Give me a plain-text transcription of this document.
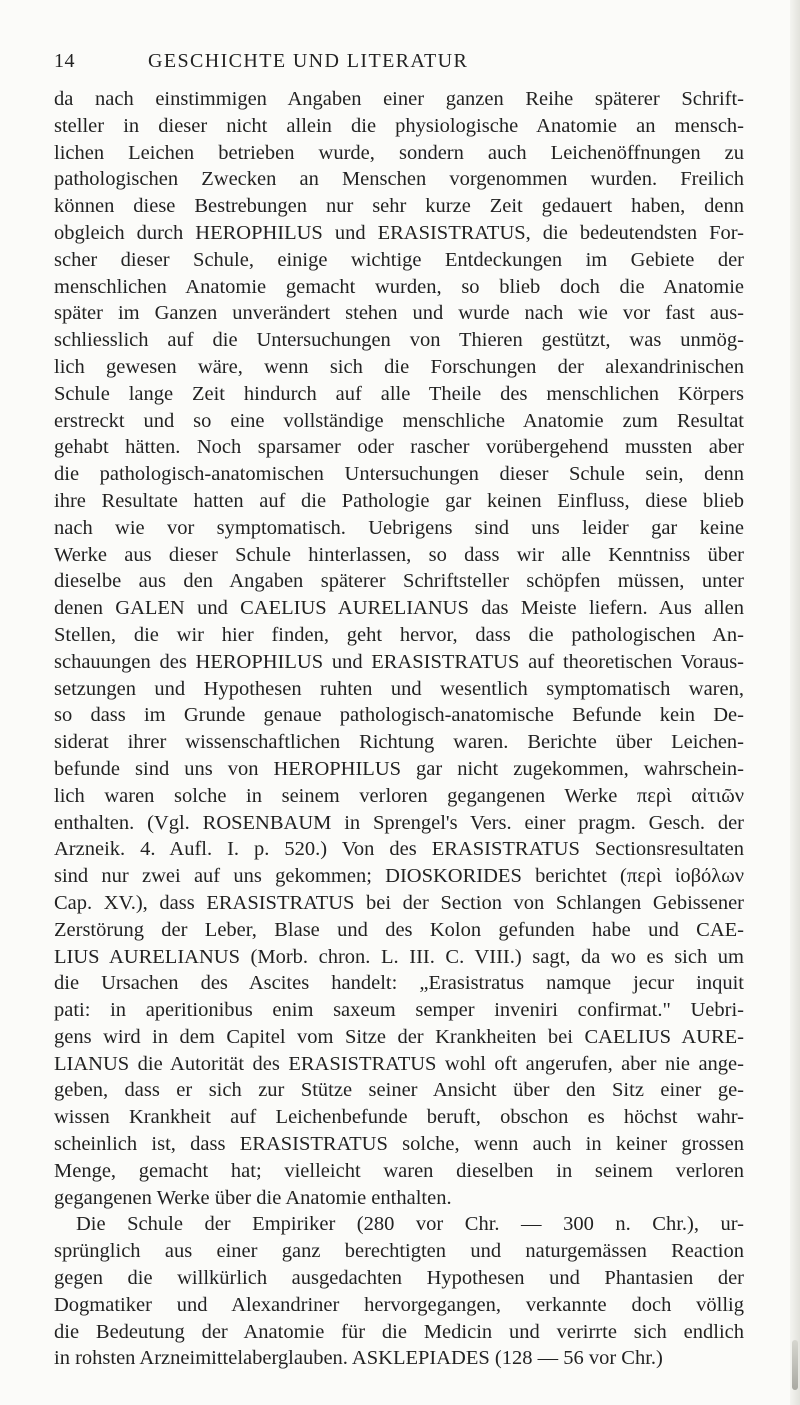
14	GESCHICHTE UND LITERATUR
da nach einstimmigen Angaben einer ganzen Reihe späterer Schrift-
steller in dieser nicht allein die physiologische Anatomie an mensch-
lichen Leichen betrieben wurde, sondern auch Leichenöffnungen zu
pathologischen Zwecken an Menschen vorgenommen wurden. Freilich
können diese Bestrebungen nur sehr kurze Zeit gedauert haben, denn
obgleich durch HEROPHILUS und ERASISTRATUS, die bedeutendsten For-
scher dieser Schule, einige wichtige Entdeckungen im Gebiete der
menschlichen Anatomie gemacht wurden, so blieb doch die Anatomie
später im Ganzen unverändert stehen und wurde nach wie vor fast aus-
schliesslich auf die Untersuchungen von Thieren gestützt, was unmög-
lich gewesen wäre, wenn sich die Forschungen der alexandrinischen
Schule lange Zeit hindurch auf alle Theile des menschlichen Körpers
erstreckt und so eine vollständige menschliche Anatomie zum Resultat
gehabt hätten. Noch sparsamer oder rascher vorübergehend mussten aber
die pathologisch-anatomischen Untersuchungen dieser Schule sein, denn
ihre Resultate hatten auf die Pathologie gar keinen Einfluss, diese blieb
nach wie vor symptomatisch. Uebrigens sind uns leider gar keine
Werke aus dieser Schule hinterlassen, so dass wir alle Kenntniss über
dieselbe aus den Angaben späterer Schriftsteller schöpfen müssen, unter
denen GALEN und CAELIUS AURELIANUS das Meiste liefern. Aus allen
Stellen, die wir hier finden, geht hervor, dass die pathologischen An-
schauungen des HEROPHILUS und ERASISTRATUS auf theoretischen Voraus-
setzungen und Hypothesen ruhten und wesentlich symptomatisch waren,
so dass im Grunde genaue pathologisch-anatomische Befunde kein De-
siderat ihrer wissenschaftlichen Richtung waren. Berichte über Leichen-
befunde sind uns von HEROPHILUS gar nicht zugekommen, wahrschein-
lich waren solche in seinem verloren gegangenen Werke περὶ αἰτιῶν
enthalten. (Vgl. ROSENBAUM in Sprengel's Vers. einer pragm. Gesch. der
Arzneik. 4. Aufl. I. p. 520.) Von des ERASISTRATUS Sectionsresultaten
sind nur zwei auf uns gekommen; DIOSKORIDES berichtet (περὶ ἰοβόλων
Cap. XV.), dass ERASISTRATUS bei der Section von Schlangen Gebissener
Zerstörung der Leber, Blase und des Kolon gefunden habe und CAE-
LIUS AURELIANUS (Morb. chron. L. III. C. VIII.) sagt, da wo es sich um
die Ursachen des Ascites handelt: „Erasistratus namque jecur inquit
pati: in aperitionibus enim saxeum semper inveniri confirmat." Uebri-
gens wird in dem Capitel vom Sitze der Krankheiten bei CAELIUS AURE-
LIANUS die Autorität des ERASISTRATUS wohl oft angerufen, aber nie ange-
geben, dass er sich zur Stütze seiner Ansicht über den Sitz einer ge-
wissen Krankheit auf Leichenbefunde beruft, obschon es höchst wahr-
scheinlich ist, dass ERASISTRATUS solche, wenn auch in keiner grossen
Menge, gemacht hat; vielleicht waren dieselben in seinem verloren
gegangenen Werke über die Anatomie enthalten.
Die Schule der Empiriker (280 vor Chr. — 300 n. Chr.), ur-
sprünglich aus einer ganz berechtigten und naturgemässen Reaction
gegen die willkürlich ausgedachten Hypothesen und Phantasien der
Dogmatiker und Alexandriner hervorgegangen, verkannte doch völlig
die Bedeutung der Anatomie für die Medicin und verirrte sich endlich
in rohsten Arzneimittelaberglauben. ASKLEPIADES (128 — 56 vor Chr.)
